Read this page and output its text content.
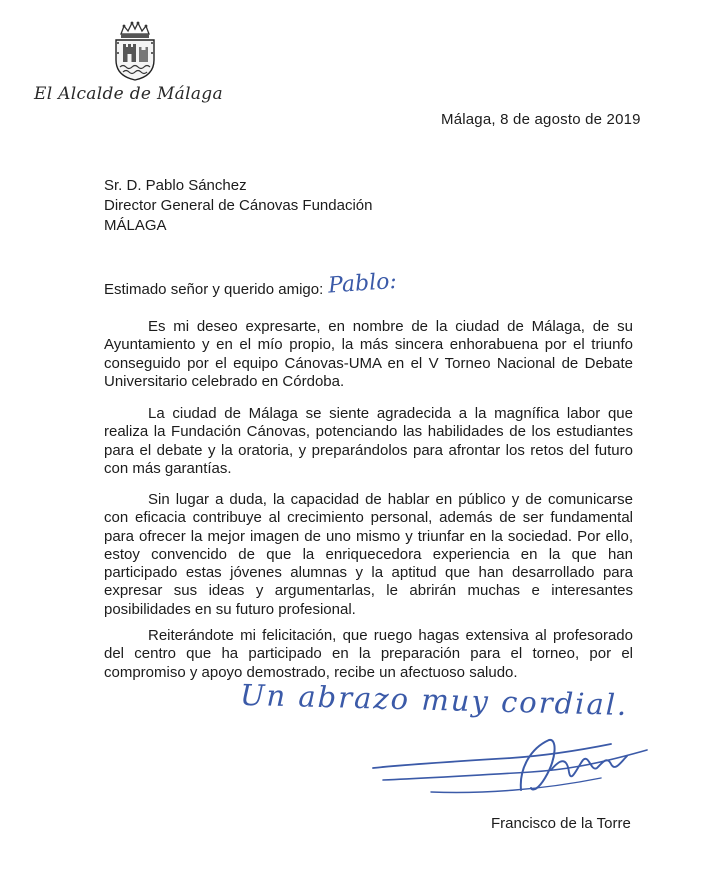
El Alcalde de Málaga
Málaga, 8 de agosto de 2019
Sr. D. Pablo Sánchez
Director General de Cánovas Fundación
MÁLAGA
Estimado señor y querido amigo: Pablo:

Es mi deseo expresarte, en nombre de la ciudad de Málaga, de su Ayuntamiento y en el mío propio, la más sincera enhorabuena por el triunfo conseguido por el equipo Cánovas-UMA en el V Torneo Nacional de Debate Universitario celebrado en Córdoba.

La ciudad de Málaga se siente agradecida a la magnífica labor que realiza la Fundación Cánovas, potenciando las habilidades de los estudiantes para el debate y la oratoria, y preparándolos para afrontar los retos del futuro con más garantías.

Sin lugar a duda, la capacidad de hablar en público y de comunicarse con eficacia contribuye al crecimiento personal, además de ser fundamental para ofrecer la mejor imagen de uno mismo y triunfar en la sociedad. Por ello, estoy convencido de que la enriquecedora experiencia en la que han participado estas jóvenes alumnas y la aptitud que han desarrollado para expresar sus ideas y argumentarlas, le abrirán muchas e interesantes posibilidades en su futuro profesional.

Reiterándote mi felicitación, que ruego hagas extensiva al profesorado del centro que ha participado en la preparación para el torneo, por el compromiso y apoyo demostrado, recibe un afectuoso saludo.

Un abrazo muy cordial.
Francisco de la Torre
